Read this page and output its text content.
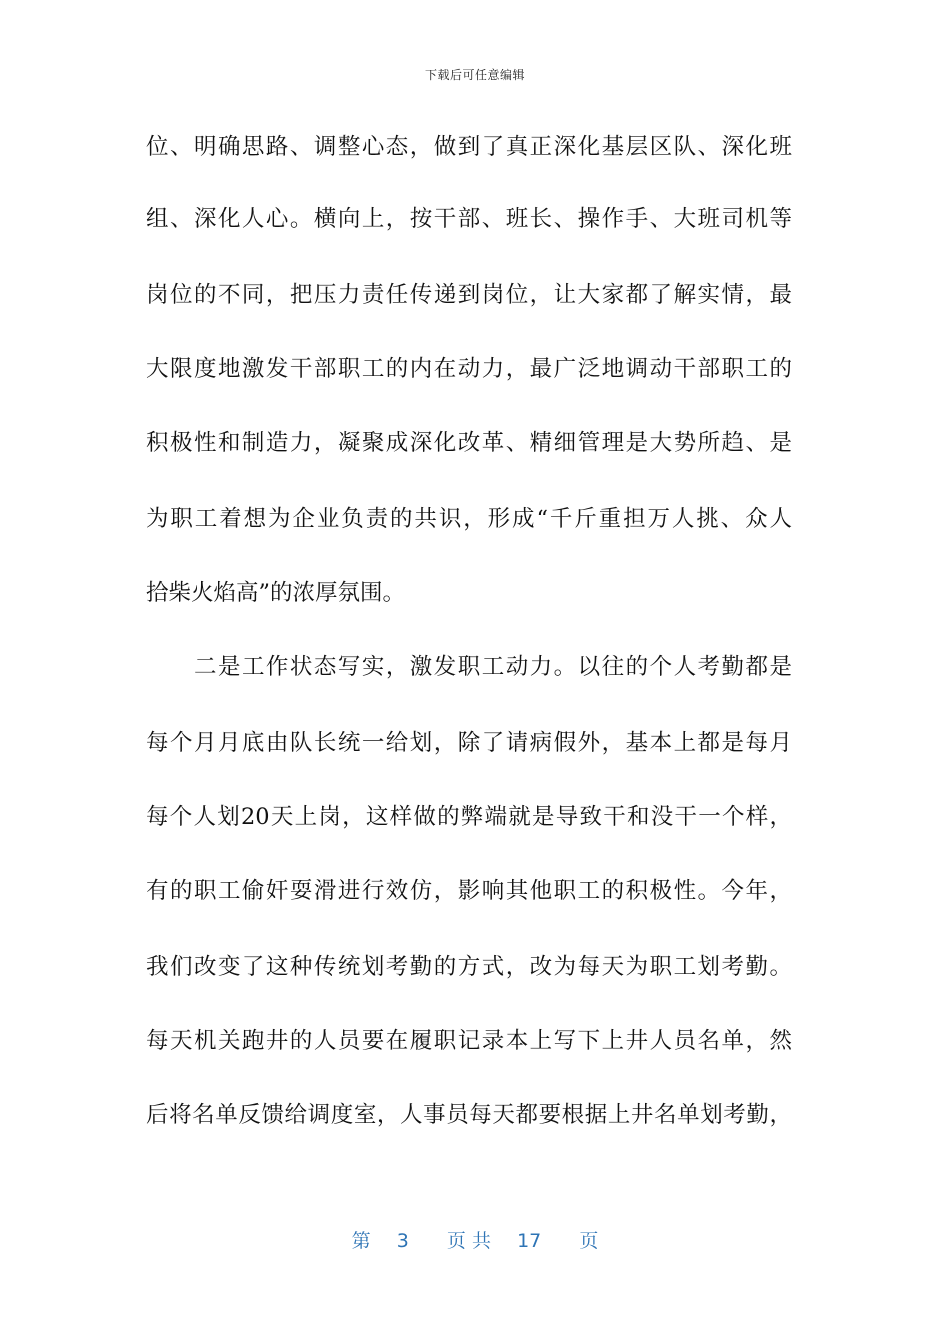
下载后可任意编辑
位、明确思路、调整心态，做到了真正深化基层区队、深化班
组、深化人心。横向上，按干部、班长、操作手、大班司机等
岗位的不同，把压力责任传递到岗位，让大家都了解实情，最
大限度地激发干部职工的内在动力，最广泛地调动干部职工的
积极性和制造力，凝聚成深化改革、精细管理是大势所趋、是
为职工着想为企业负责的共识，形成“千斤重担万人挑、众人
拾柴火焰高”的浓厚氛围。
二是工作状态写实，激发职工动力。以往的个人考勤都是
每个月月底由队长统一给划，除了请病假外，基本上都是每月
每个人划20天上岗，这样做的弊端就是导致干和没干一个样，
有的职工偷奸耍滑进行效仿，影响其他职工的积极性。今年，
我们改变了这种传统划考勤的方式，改为每天为职工划考勤。
每天机关跑井的人员要在履职记录本上写下上井人员名单，然
后将名单反馈给调度室，人事员每天都要根据上井名单划考勤，
第 3 页 共 17 页
